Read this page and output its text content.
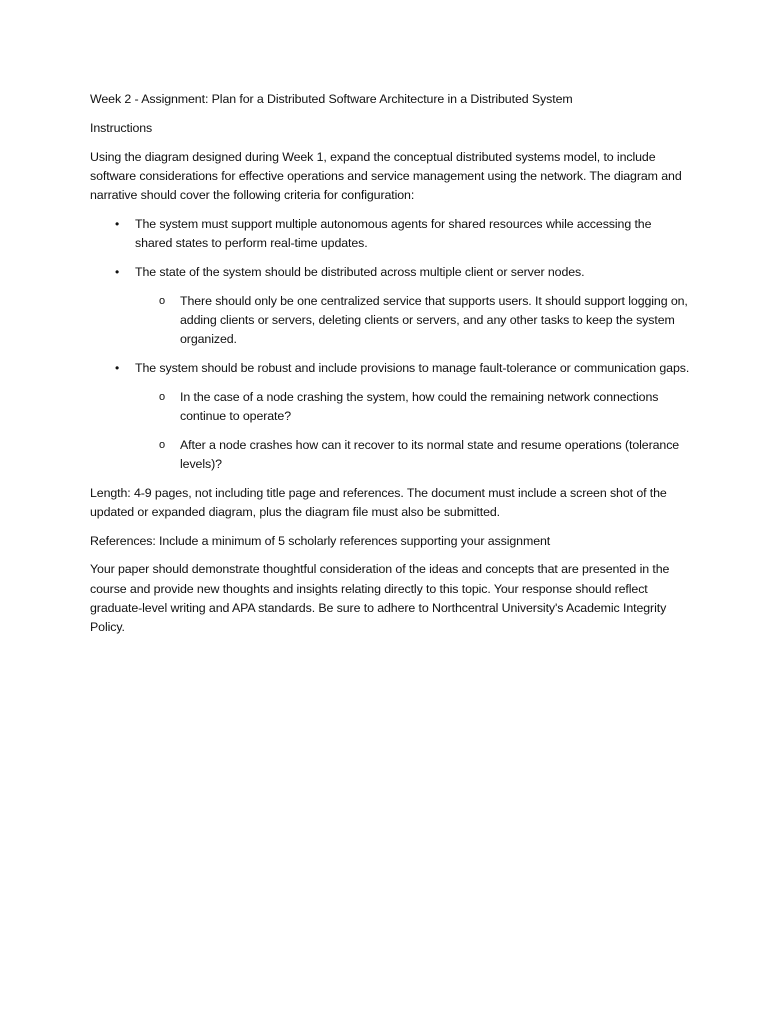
Week 2 - Assignment: Plan for a Distributed Software Architecture in a Distributed System

Instructions

Using the diagram designed during Week 1, expand the conceptual distributed systems model, to include software considerations for effective operations and service management using the network. The diagram and narrative should cover the following criteria for configuration:

• The system must support multiple autonomous agents for shared resources while accessing the shared states to perform real-time updates.
• The state of the system should be distributed across multiple client or server nodes.
o There should only be one centralized service that supports users. It should support logging on, adding clients or servers, deleting clients or servers, and any other tasks to keep the system organized.
• The system should be robust and include provisions to manage fault-tolerance or communication gaps.
o In the case of a node crashing the system, how could the remaining network connections continue to operate?
o After a node crashes how can it recover to its normal state and resume operations (tolerance levels)?

Length: 4-9 pages, not including title page and references. The document must include a screen shot of the updated or expanded diagram, plus the diagram file must also be submitted.

References: Include a minimum of 5 scholarly references supporting your assignment

Your paper should demonstrate thoughtful consideration of the ideas and concepts that are presented in the course and provide new thoughts and insights relating directly to this topic. Your response should reflect graduate-level writing and APA standards. Be sure to adhere to Northcentral University's Academic Integrity Policy.
